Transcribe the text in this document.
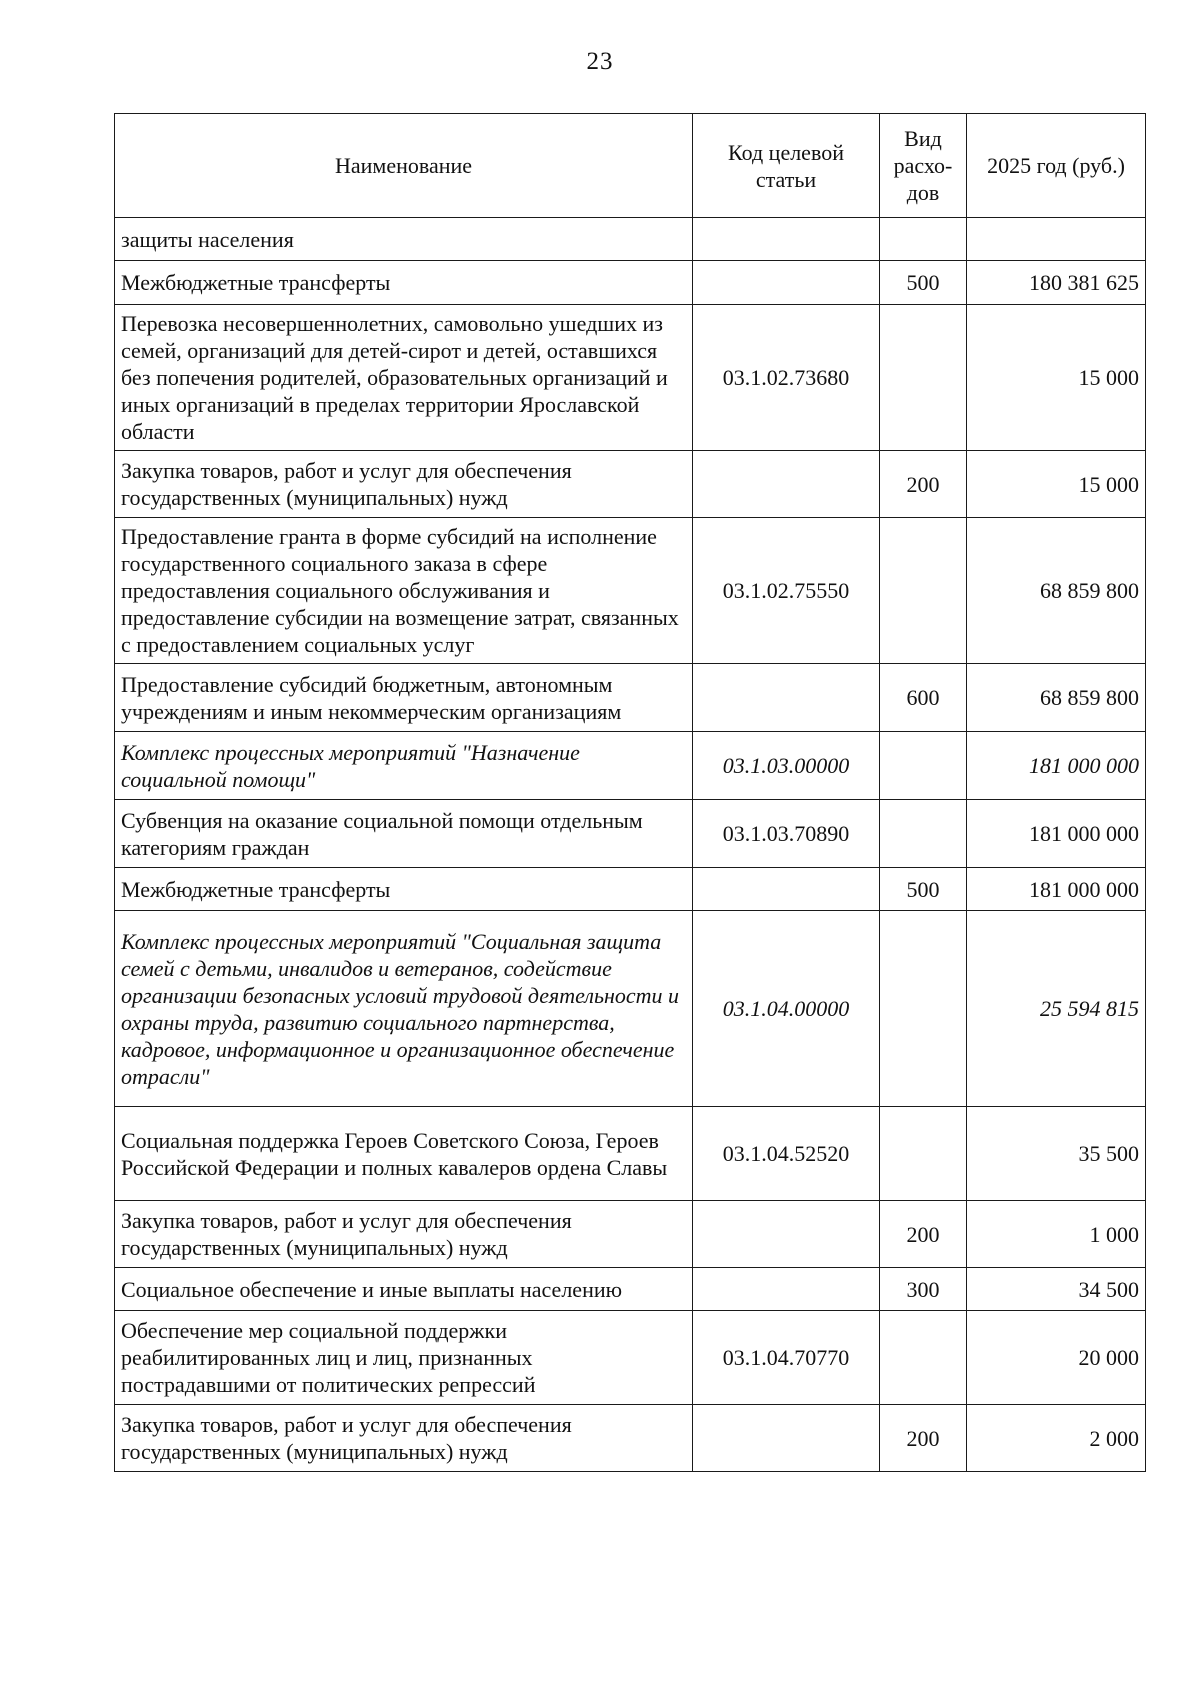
23
Наименование	Код целевой статьи	Вид расхо-дов	2025 год (руб.)
защиты населения			
Межбюджетные трансферты		500	180 381 625
Перевозка несовершеннолетних, самовольно ушедших из семей, организаций для детей-сирот и детей, оставшихся без попечения родителей, образовательных организаций и иных организаций в пределах территории Ярославской области	03.1.02.73680		15 000
Закупка товаров, работ и услуг для обеспечения государственных (муниципальных) нужд		200	15 000
Предоставление гранта в форме субсидий на исполнение государственного социального заказа в сфере предоставления социального обслуживания и предоставление субсидии на возмещение затрат, связанных с предоставлением социальных услуг	03.1.02.75550		68 859 800
Предоставление субсидий бюджетным, автономным учреждениям и иным некоммерческим организациям		600	68 859 800
Комплекс процессных мероприятий "Назначение социальной помощи"	03.1.03.00000		181 000 000
Субвенция на оказание социальной помощи отдельным категориям граждан	03.1.03.70890		181 000 000
Межбюджетные трансферты		500	181 000 000
Комплекс процессных мероприятий "Социальная защита семей с детьми, инвалидов и ветеранов, содействие организации безопасных условий трудовой деятельности и охраны труда, развитию социального партнерства, кадровое, информационное и организационное обеспечение отрасли"	03.1.04.00000		25 594 815
Социальная поддержка Героев Советского Союза, Героев Российской Федерации и полных кавалеров ордена Славы	03.1.04.52520		35 500
Закупка товаров, работ и услуг для обеспечения государственных (муниципальных) нужд		200	1 000
Социальное обеспечение и иные выплаты населению		300	34 500
Обеспечение мер социальной поддержки реабилитированных лиц и лиц, признанных пострадавшими от политических репрессий	03.1.04.70770		20 000
Закупка товаров, работ и услуг для обеспечения государственных (муниципальных) нужд		200	2 000
